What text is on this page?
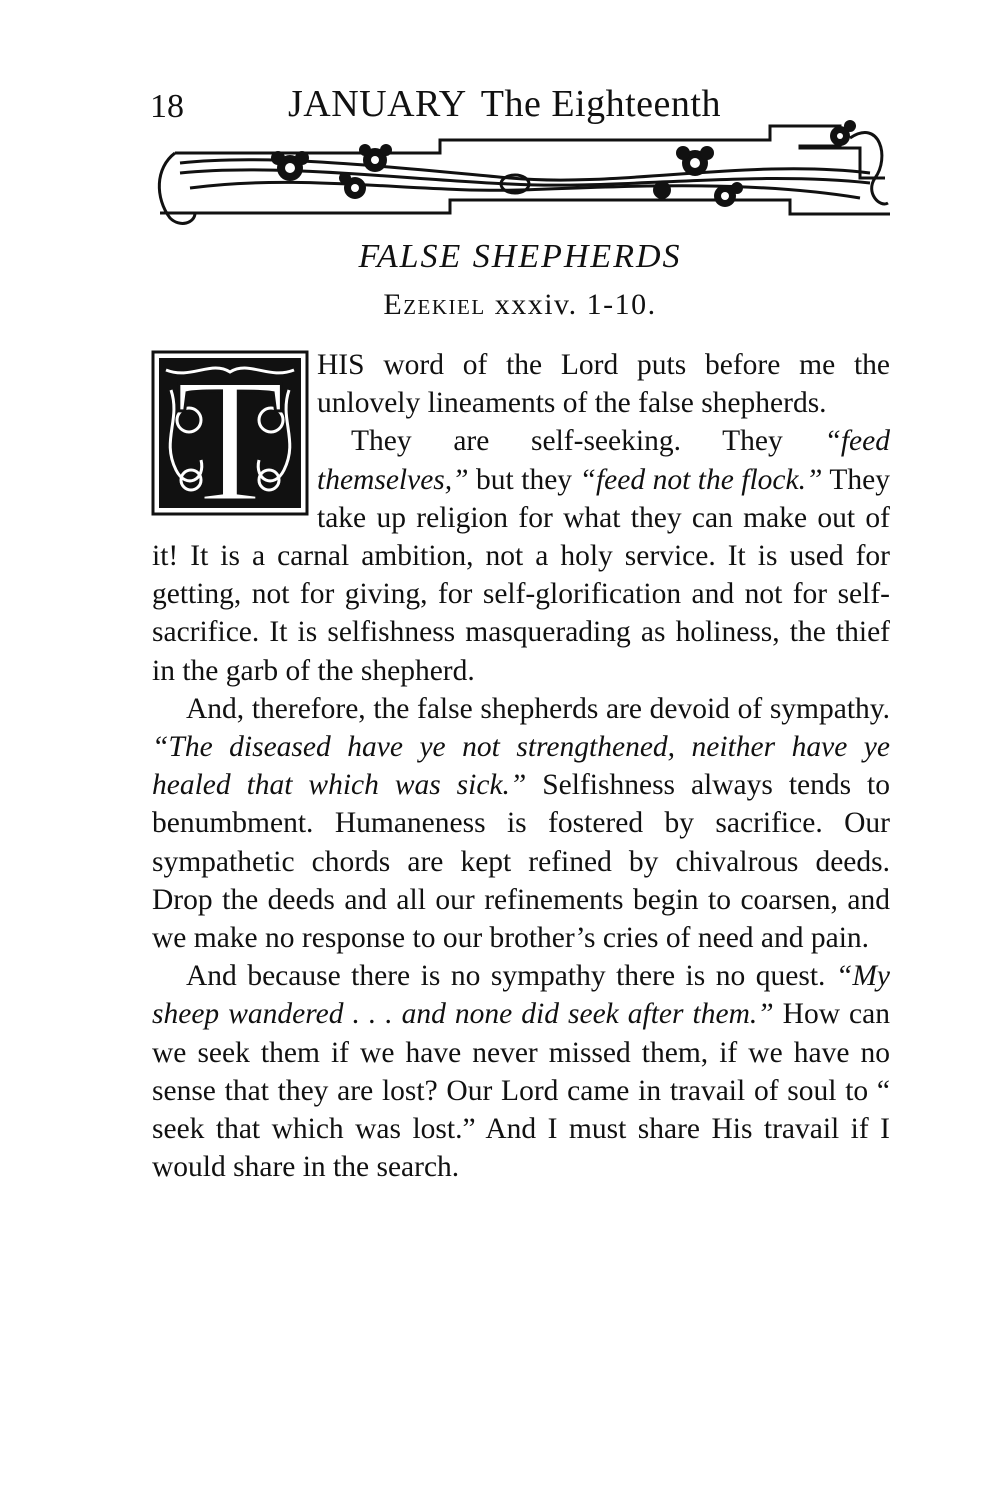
18	JANUARY The Eighteenth
FALSE SHEPHERDS
Ezekiel xxxiv. 1-10.
T	HIS word of the Lord puts before me the unlovely lineaments of the false shepherds.

They are self-seeking. They “feed themselves,” but they “feed not the flock.” They take up religion for what they can make out of it! It is a carnal ambition, not a holy service. It is used for getting, not for giving, for self-glorification and not for self-sacrifice. It is selfishness masquerading as holiness, the thief in the garb of the shepherd.

And, therefore, the false shepherds are devoid of sympathy. “The diseased have ye not strengthened, neither have ye healed that which was sick.” Selfishness always tends to benumbment. Humaneness is fostered by sacrifice. Our sympathetic chords are kept refined by chivalrous deeds. Drop the deeds and all our refinements begin to coarsen, and we make no response to our brother’s cries of need and pain.

And because there is no sympathy there is no quest. “My sheep wandered . . . and none did seek after them.” How can we seek them if we have never missed them, if we have no sense that they are lost? Our Lord came in travail of soul to “ seek that which was lost.” And I must share His travail if I would share in the search.
